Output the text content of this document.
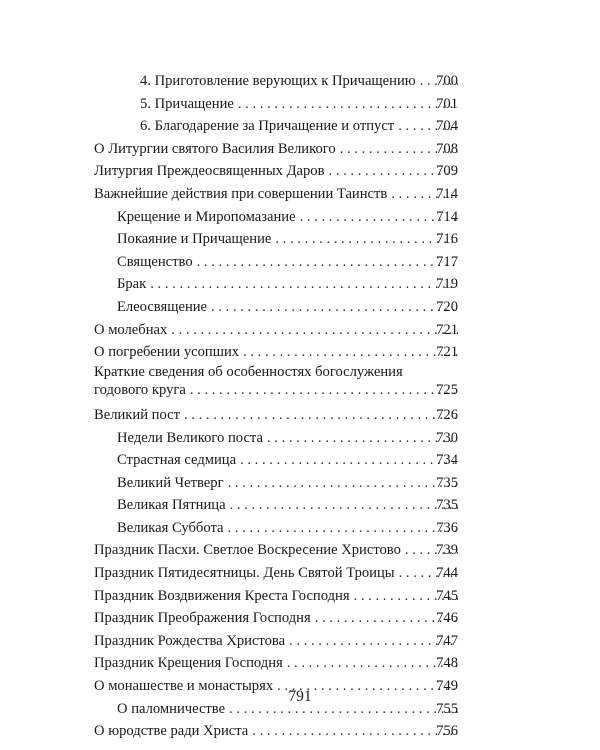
4. Приготовление верующих к Причащению . . . 700
5. Причащение . . .	701
6. Благодарение за Причащение и отпуст . . .	704
О Литургии святого Василия Великого . . .	708
Литургия Преждеосвященных Даров . . .	709
Важнейшие действия при совершении Таинств . . .	714
Крещение и Миропомазание . . .	714
Покаяние и Причащение . . .	716
Священство . . .	717
Брак . . .	719
Елеосвящение . . .	720
О молебнах . . .	721
О погребении усопших . . .	721
Краткие сведения об особенностях богослужения
годового круга . . .	725
Великий пост . . .	726
Недели Великого поста . . .	730
Страстная седмица . . .	734
Великий Четверг . . .	735
Великая Пятница . . .	735
Великая Суббота . . .	736
Праздник Пасхи. Светлое Воскресение Христово . . . 739
Праздник Пятидесятницы. День Святой Троицы . . .	744
Праздник Воздвижения Креста Господня . . .	745
Праздник Преображения Господня . . .	746
Праздник Рождества Христова . . .	747
Праздник Крещения Господня . . .	748
О монашестве и монастырях . . .	749
О паломничестве . . .	755
О юродстве ради Христа . . .	756
791
